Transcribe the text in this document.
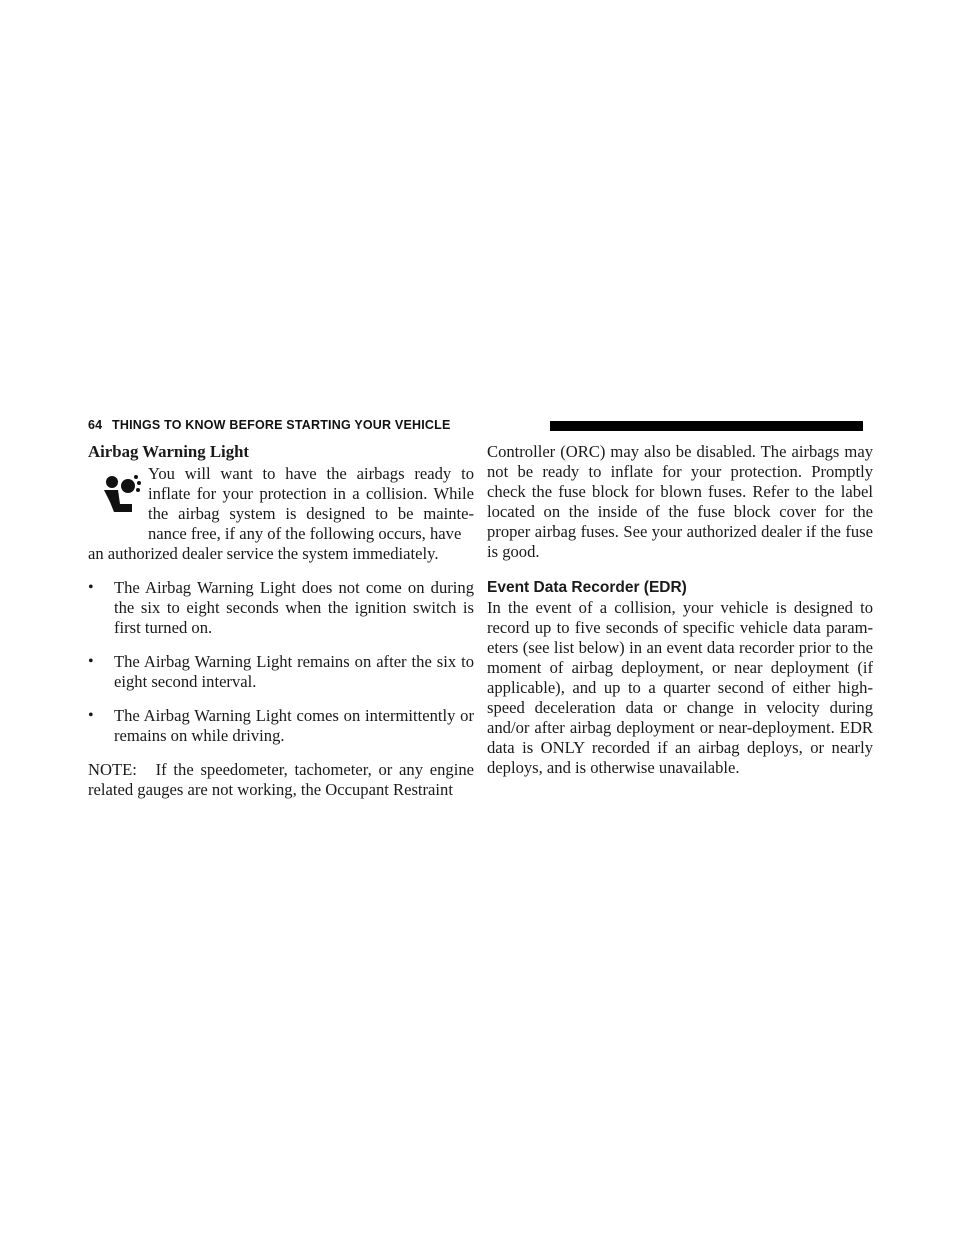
64 THINGS TO KNOW BEFORE STARTING YOUR VEHICLE
Airbag Warning Light

You will want to have the airbags ready to inflate for your protection in a collision. While the airbag system is designed to be mainte- nance free, if any of the following occurs, have

an authorized dealer service the system immediately.

•	The Airbag Warning Light does not come on during the six to eight seconds when the ignition switch is first turned on.
•	The Airbag Warning Light remains on after the six to eight second interval.
•	The Airbag Warning Light comes on intermittently or remains on while driving.

NOTE: If the speedometer, tachometer, or any engine related gauges are not working, the Occupant Restraint

Controller (ORC) may also be disabled. The airbags may not be ready to inflate for your protection. Promptly check the fuse block for blown fuses. Refer to the label located on the inside of the fuse block cover for the proper airbag fuses. See your authorized dealer if the fuse is good.

Event Data Recorder (EDR)

In the event of a collision, your vehicle is designed to record up to five seconds of specific vehicle data param- eters (see list below) in an event data recorder prior to the moment of airbag deployment, or near deployment (if applicable), and up to a quarter second of either high- speed deceleration data or change in velocity during and/or after airbag deployment or near-deployment. EDR data is ONLY recorded if an airbag deploys, or nearly deploys, and is otherwise unavailable.
